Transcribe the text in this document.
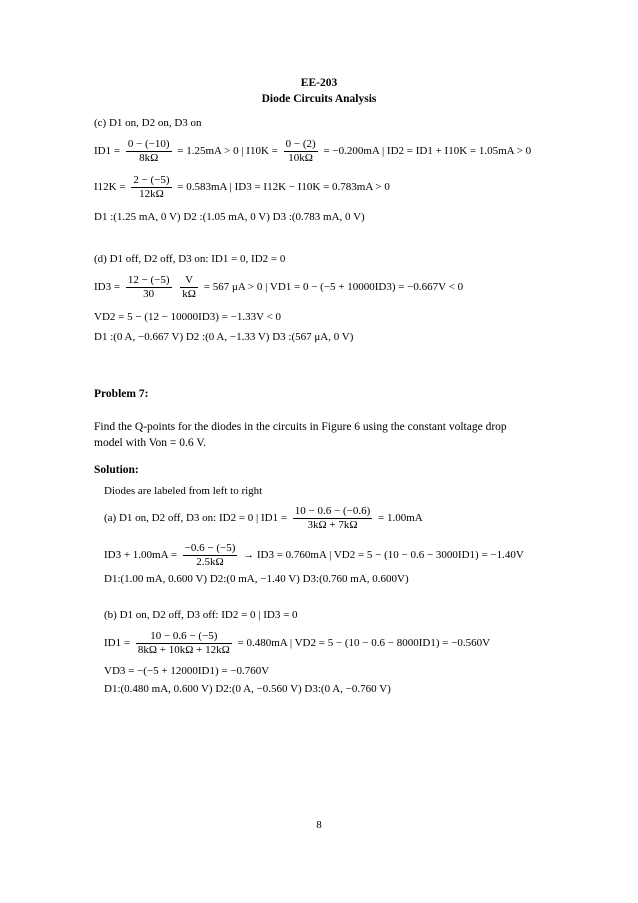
EE-203
Diode Circuits Analysis
(c) D1 on, D2 on, D3 on
$ID1 = \frac{0 - (-10)}{8k\Omega} = 1.25mA > 0$ | $I10K = \frac{0 - (2)}{10k\Omega} = -0.200mA$ | ID2 = ID1 + I10K = 1.05mA > 0
$I12K = \frac{2 - (-5)}{12k\Omega} = 0.583mA$ | ID3 = I12K − I10K = 0.783mA > 0
D1 :(1.25 mA, 0 V) D2 :(1.05 mA, 0 V) D3 :(0.783 mA, 0 V)
(d) D1 off, D2 off, D3 on: ID1 = 0, ID2 = 0
$ID3 = \frac{12 - (-5)}{30}$
$\frac{V}{k\Omega} = 567$ μA > 0 | VD1 = 0 − (−5 + 10000ID3) = −0.667V < 0
VD2 = 5 − (12 − 10000ID3) = −1.33V < 0
D1 :(0 A, −0.667 V) D2 :(0 A, −1.33 V) D3 :(567 μA, 0 V)
Problem 7:
Find the Q-points for the diodes in the circuits in Figure 6 using the constant voltage drop
model with Von = 0.6 V.
Solution:
Diodes are labeled from left to right
(a) D1 on, D2 off, D3 on: ID2 = 0 | $ID1 = \frac{10 - 0.6 - (-0.6)}{3k\Omega + 7k\Omega} = 1.00mA$
$ID3 + 1.00mA = \frac{-0.6 - (-5)}{2.5k\Omega} \to ID3 = 0.760mA$ | VD2 = 5 − (10 − 0.6 − 3000ID1) = −1.40V
D1:(1.00 mA, 0.600 V) D2:(0 mA, −1.40 V) D3:(0.760 mA, 0.600V)
(b) D1 on, D2 off, D3 off: ID2 = 0 | ID3 = 0
$ID1 = \frac{10 - 0.6 - (-5)}{8k\Omega + 10k\Omega + 12k\Omega} = 0.480mA$ | VD2 = 5 − (10 − 0.6 − 8000ID1) = −0.560V
VD3 = −(−5 + 12000ID1) = −0.760V
D1:(0.480 mA, 0.600 V) D2:(0 A, −0.560 V) D3:(0 A, −0.760 V)
8
